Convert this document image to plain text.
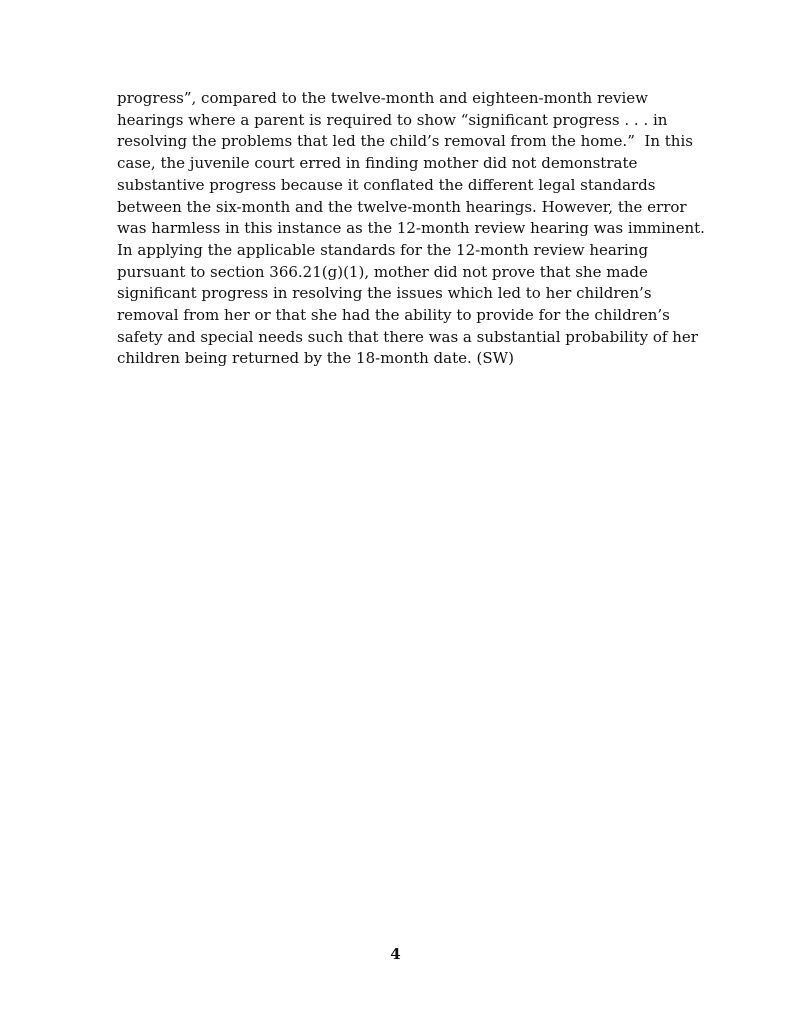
progress”, compared to the twelve-month and eighteen-month review
hearings where a parent is required to show “significant progress . . . in
resolving the problems that led the child’s removal from the home.”  In this
case, the juvenile court erred in finding mother did not demonstrate
substantive progress because it conflated the different legal standards
between the six-month and the twelve-month hearings. However, the error
was harmless in this instance as the 12-month review hearing was imminent.
In applying the applicable standards for the 12-month review hearing
pursuant to section 366.21(g)(1), mother did not prove that she made
significant progress in resolving the issues which led to her children’s
removal from her or that she had the ability to provide for the children’s
safety and special needs such that there was a substantial probability of her
children being returned by the 18-month date. (SW)

4
